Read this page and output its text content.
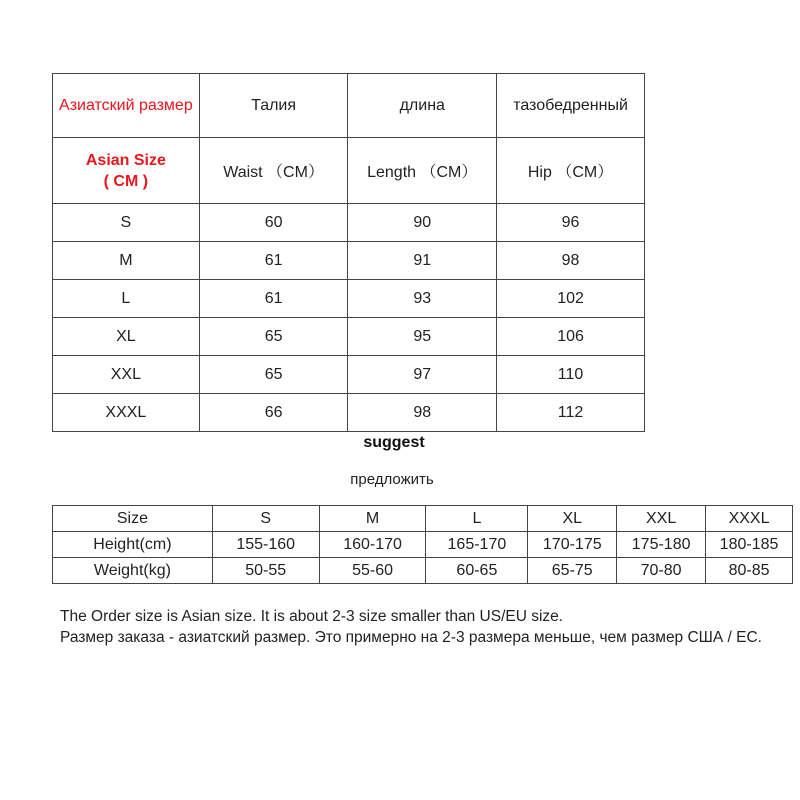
Азиатский размер	Талия	длина	тазобедренный

Asian Size
( CM )	Waist （CM）	Length （CM）	Hip （CM）
S	60	90	96
M	61	91	98
L	61	93	102
XL	65	95	106
XXL	65	97	110
XXXL	66	98	112
suggest
предложить
Size	S	M	L	XL	XXL	XXXL
Height(cm)	155-160	160-170	165-170	170-175	175-180	180-185
Weight(kg)	50-55	55-60	60-65	65-75	70-80	80-85
The Order size is Asian size. It is about 2-3 size smaller than US/EU size.
Размер заказа - азиатский размер. Это примерно на 2-3 размера меньше, чем размер США / ЕС.
